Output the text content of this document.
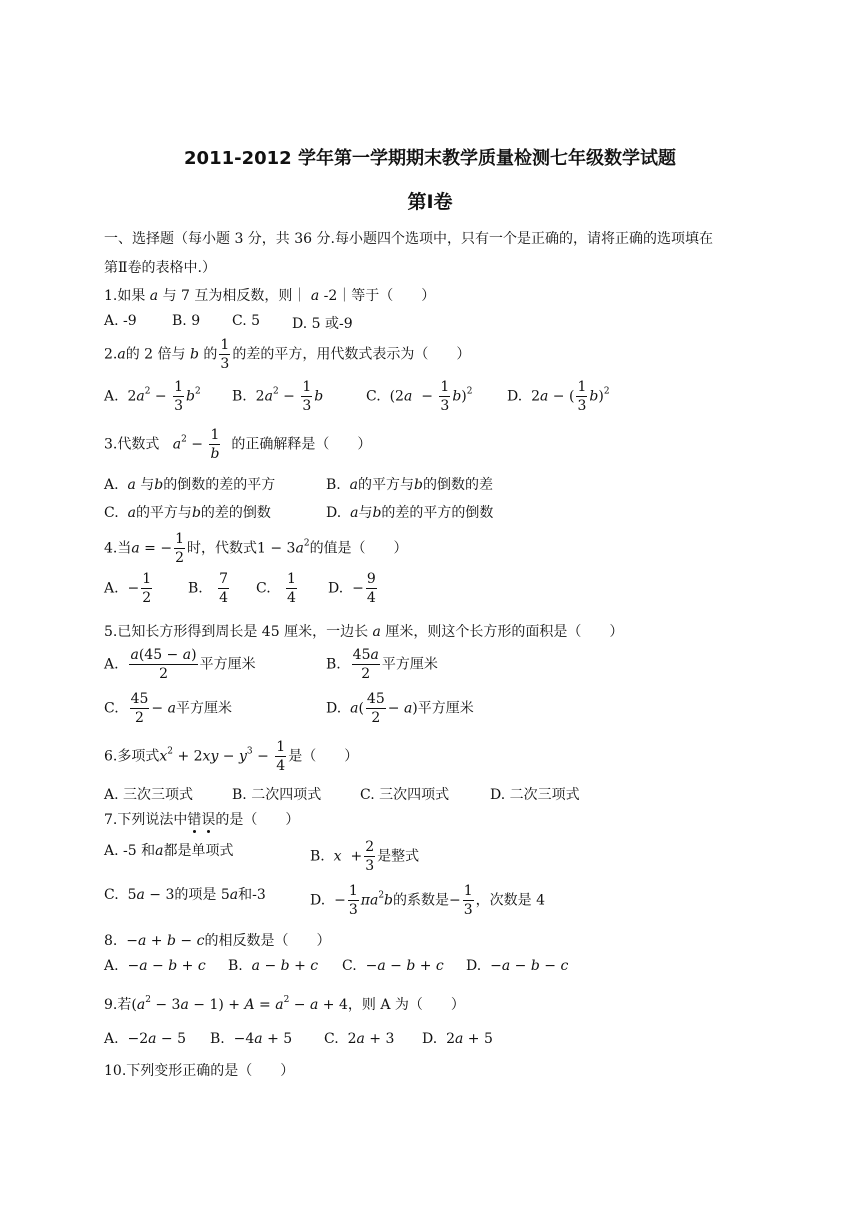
2011-2012 学年第一学期期末教学质量检测七年级数学试题
第Ⅰ卷
一、选择题（每小题 3 分，共 36 分.每小题四个选项中，只有一个是正确的，请将正确的选项填在
第Ⅱ卷的表格中.）
1.如果 a 与 7 互为相反数，则｜ a -2｜等于（　　）
A. -9	B. 9 C. 5 D. 5 或-9
2.a的 2 倍与 b 的 $\frac{1}{3}$ 的差的平方，用代数式表示为（　　）
A. $2a^2 - \frac{1}{3} b^2$ B. $2a^2 - \frac{1}{3}$ b	C.  $(2a - \frac{1}{3} b)^2$ D.  2a − ( $\frac{1}{3} b)^2$
3.代数式 $a^2 - \frac{1}{b}$ 的正确解释是（　　）
A. a 与b的倒数的差的平方	B. a的平方与b的倒数的差
C. a的平方与b的差的倒数	D. a与b的差的平方的倒数
4.当a = − $\frac{1}{2}$ 时，代数式$1 - 3a^2$的值是（　　）
A.  − $\frac{1}{2}$	B. $\frac{7}{4} C$. $\frac{1}{4} D$.  − $\frac{9}{4}$
5.已知长方形得到周长是 45 厘米，一边长 a 厘米，则这个长方形的面积是（　　）
A. $\frac{a(45 - a)}{2}$ 平方厘米	B. $\frac{45a}{2}$ 平方厘米
C. $\frac{45}{2} - a$平方厘米	D. $a( \frac{45}{2} - a)$平方厘米
6.多项式$x^2 + 2xy - y^3 - \frac{1}{4}$ 是（　　）
A. 三次三项式	B. 二次四项式	C. 三次四项式	D. 二次三项式
7.下列说法中错误的是（　　）
A. -5 和a都是单项式	B. $x + \frac{2}{3}$ 是整式
C.  5a − 3的项是 5a和-3	D.  − $\frac{1}{3} \pi a^2b$的系数是− $\frac{1}{3}$ ，次数是 4
8.  −a + b − c的相反数是（　　）
A.  −a − b + c B. a − b + c C.  −a − b + c D.  −a − b − c
9.若$(a^2 - 3a - 1) + A = a^2 - a + 4$，则 A 为（　　）
A.  −2a − 5 B.  −4a + 5 C.  2a + 3 D.  2a + 5
10.下列变形正确的是（　　）
